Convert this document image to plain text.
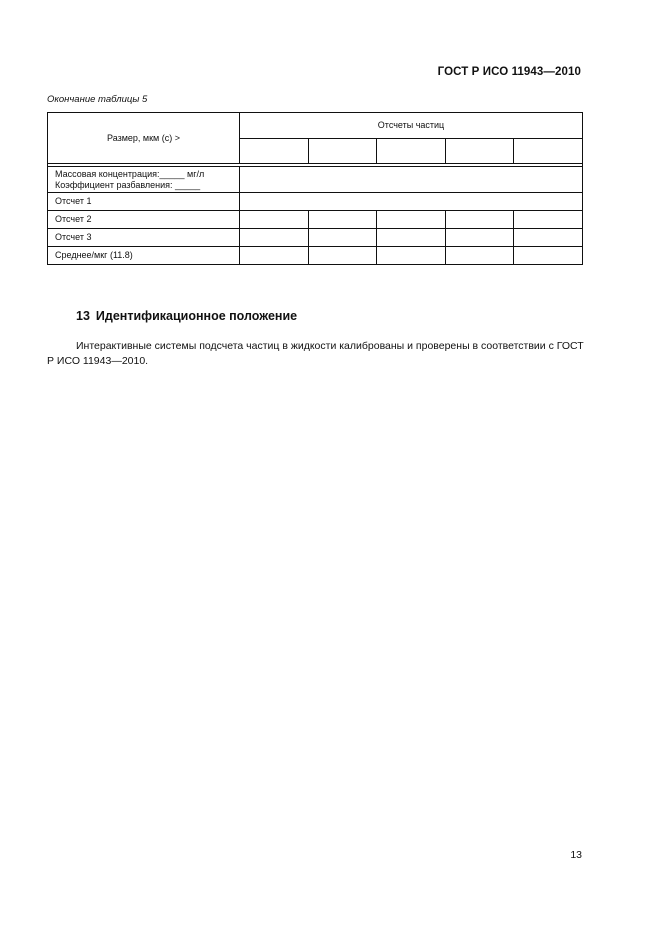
ГОСТ Р ИСО 11943—2010
Окончание таблицы 5
Размер, мкм (с) >	Отсчеты частиц				

Массовая концентрация:_____ мг/л
Коэффициент разбавления: _____					

Отсчет 1					
Отсчет 2					
Отсчет 3					
Среднее/мкг (11.8)					
13 Идентификационное положение
Интерактивные системы подсчета частиц в жидкости калиброваны и проверены в соответствии с ГОСТ Р ИСО 11943—2010.
13
